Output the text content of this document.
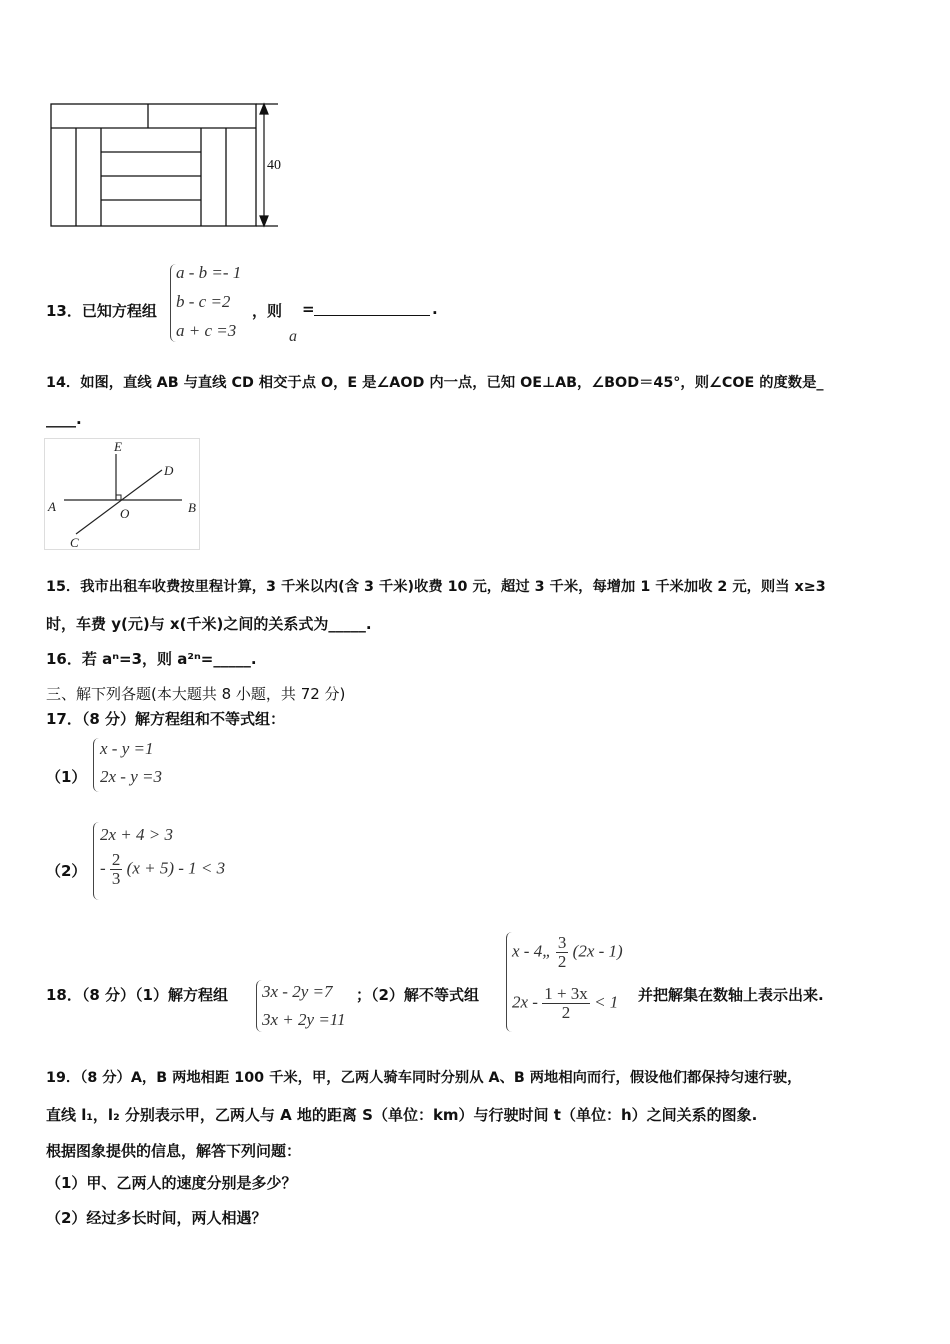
40
13．已知方程组
a - b =- 1
b - c =2
a + c =3
，则 =	.
a
14．如图，直线 AB 与直线 CD 相交于点 O，E 是∠AOD 内一点，已知 OE⊥AB，∠BOD＝45°，则∠COE 的度数是_
____.
E
D
A	O	B
C
15．我市出租车收费按里程计算，3 千米以内(含 3 千米)收费 10 元，超过 3 千米，每增加 1 千米加收 2 元，则当 x≥3
时，车费 y(元)与 x(千米)之间的关系式为_____.
16．若 aⁿ=3，则 a²ⁿ=_____.
三、解下列各题(本大题共 8 小题，共 72 分)
17．（8 分）解方程组和不等式组：
（1）
x - y =1
2x - y =3
（2）
2x + 4 > 3
- $\frac{2}{3} (x + 5) - 1 < 3$
18．（8 分）（1）解方程组 3x - 2y =7
3x + 2y =11
；（2）解不等式组
x - 4„ $\frac{3}{2} (2x - 1)$
$2x - \frac{1 + 3x}{2} < 1$ 并把解集在数轴上表示出来.
19．（8 分）A，B 两地相距 100 千米，甲，乙两人骑车同时分别从 A、B 两地相向而行，假设他们都保持匀速行驶，
直线 l₁，l₂ 分别表示甲，乙两人与 A 地的距离 S（单位：km）与行驶时间 t（单位：h）之间关系的图象.
根据图象提供的信息，解答下列问题：
（1）甲、乙两人的速度分别是多少？
（2）经过多长时间，两人相遇？
